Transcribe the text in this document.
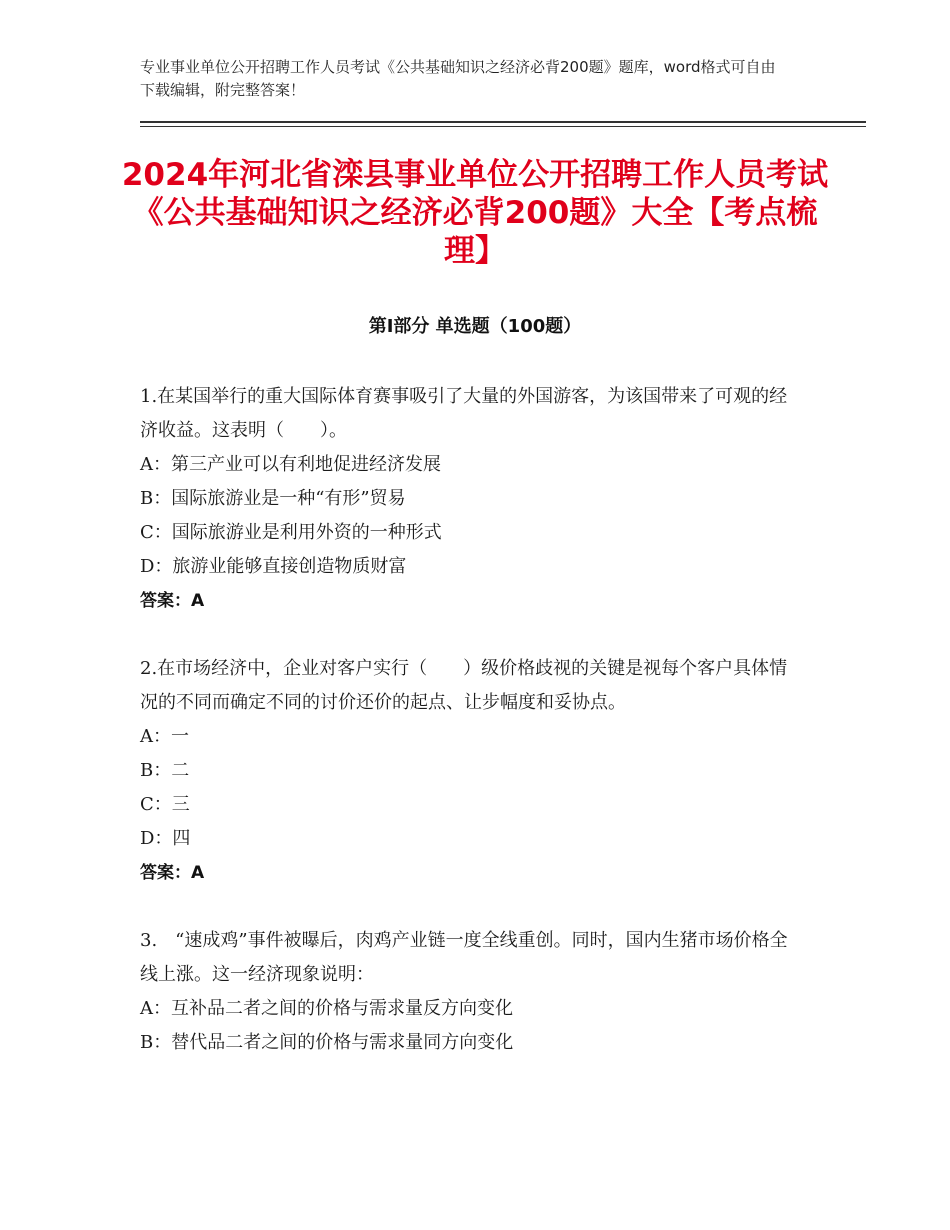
专业事业单位公开招聘工作人员考试《公共基础知识之经济必背200题》题库，word格式可自由下载编辑，附完整答案！
2024年河北省滦县事业单位公开招聘工作人员考试《公共基础知识之经济必背200题》大全【考点梳理】
第Ⅰ部分 单选题（100题）

1.在某国举行的重大国际体育赛事吸引了大量的外国游客，为该国带来了可观的经济收益。这表明（　　）。

A：第三产业可以有利地促进经济发展

B：国际旅游业是一种“有形”贸易

C：国际旅游业是利用外资的一种形式

D：旅游业能够直接创造物质财富

答案：A

2.在市场经济中，企业对客户实行（　　）级价格歧视的关键是视每个客户具体情况的不同而确定不同的讨价还价的起点、让步幅度和妥协点。

A：一

B：二

C：三

D：四

答案：A

3.　“速成鸡”事件被曝后，肉鸡产业链一度全线重创。同时，国内生猪市场价格全线上涨。这一经济现象说明：

A：互补品二者之间的价格与需求量反方向变化

B：替代品二者之间的价格与需求量同方向变化
